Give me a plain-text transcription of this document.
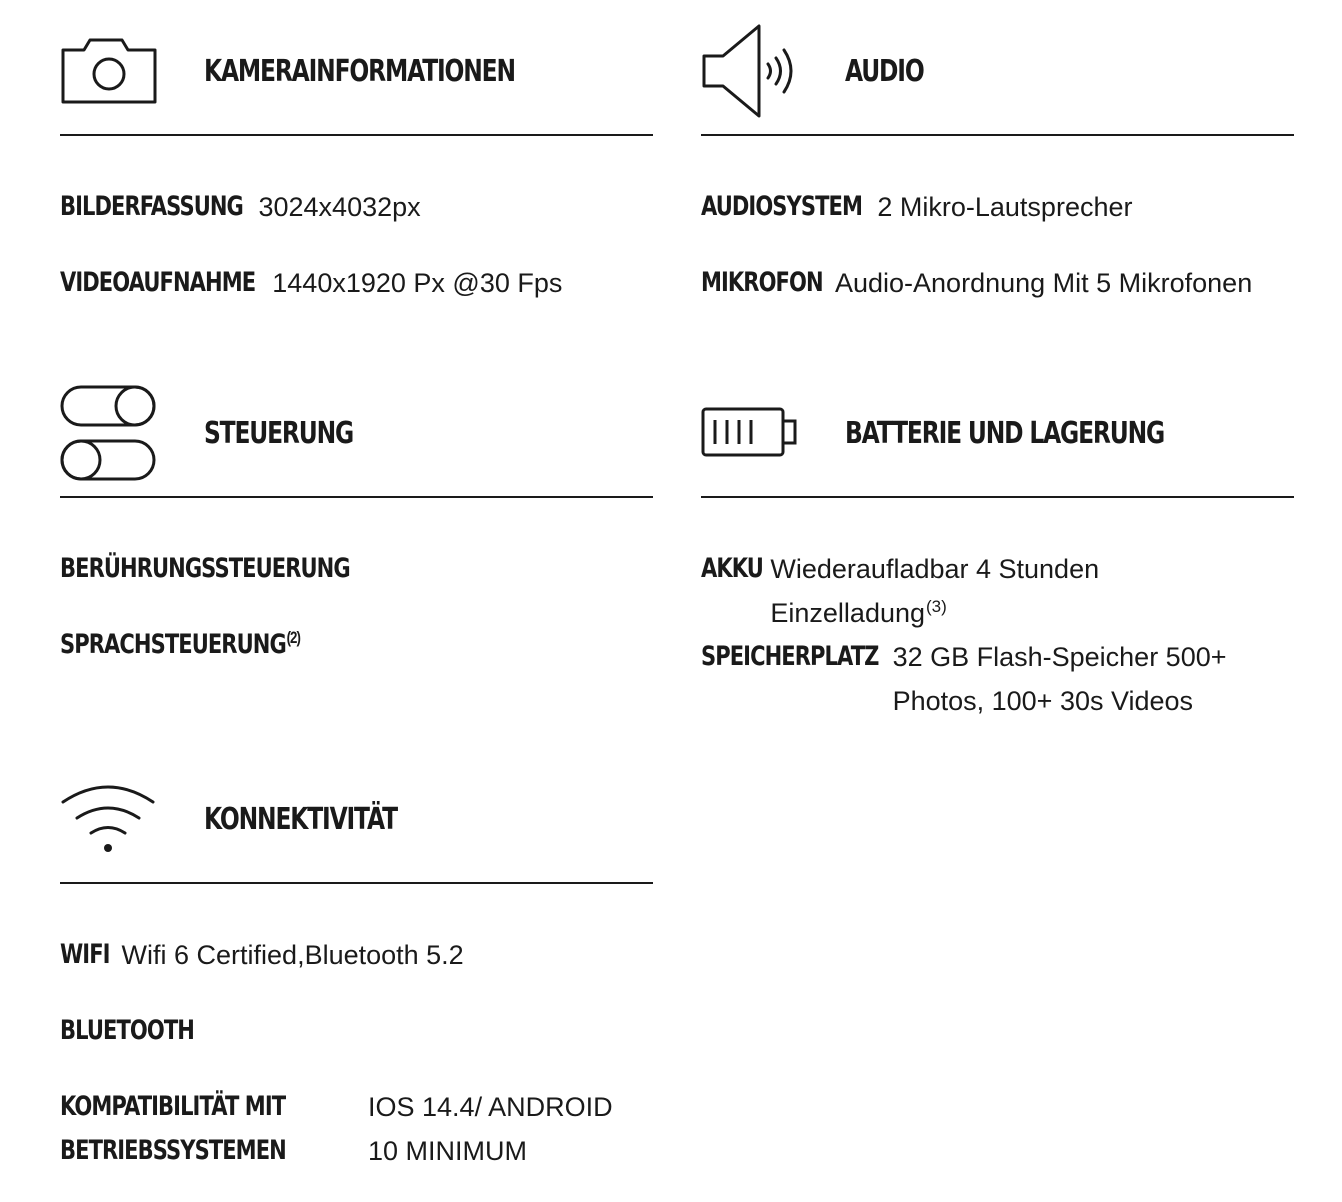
KAMERAINFORMATIONEN
BILDERFASSUNG 3024x4032px
VIDEOAUFNAHME 1440x1920 Px @30 Fps
AUDIO
AUDIOSYSTEM 2 Mikro-Lautsprecher
MIKROFON Audio-Anordnung Mit 5 Mikrofonen
STEUERUNG
BERÜHRUNGSSTEUERUNG
SPRACHSTEUERUNG$^{(2)}$
BATTERIE UND LAGERUNG
AKKU Wiederaufladbar 4 Stunden
Einzelladung$^{(3)}$
SPEICHERPLATZ 32 GB Flash-Speicher 500+
Photos, 100+ 30s Videos
KONNEKTIVITÄT
WIFI Wifi 6 Certified,Bluetooth 5.2
BLUETOOTH
KOMPATIBILITÄT MIT
BETRIEBSSYSTEMEN
IOS 14.4/ ANDROID
10 MINIMUM
